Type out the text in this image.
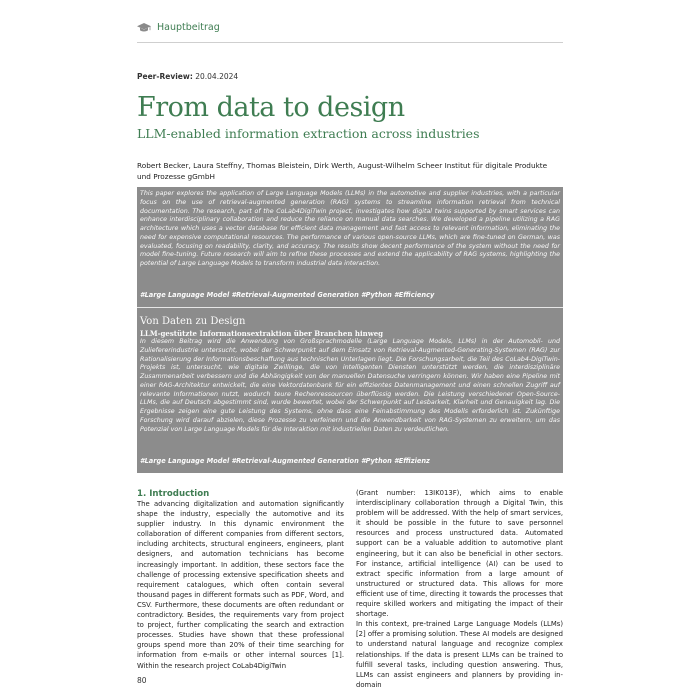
Hauptbeitrag
Peer-Review: 20.04.2024
From data to design
LLM-enabled information extraction across industries
Robert Becker, Laura Steffny, Thomas Bleistein, Dirk Werth, August-Wilhelm Scheer Institut für digitale Produkte und Prozesse gGmbH
This paper explores the application of Large Language Models (LLMs) in the automotive and supplier industries, with a particular focus on the use of retrieval-augmented generation (RAG) systems to streamline information retrieval from technical documentation. The research, part of the CoLab4DigiTwin project, investigates how digital twins supported by smart services can enhance interdisciplinary collaboration and reduce the reliance on manual data searches. We developed a pipeline utilizing a RAG architecture which uses a vector database for efficient data management and fast access to relevant information, eliminating the need for expensive computational resources. The performance of various open-source LLMs, which are fine-tuned on German, was evaluated, focusing on readability, clarity, and accuracy. The results show decent performance of the system without the need for model fine-tuning. Future research will aim to refine these processes and extend the applicability of RAG systems, highlighting the potential of Large Language Models to transform industrial data interaction.
#Large Language Model #Retrieval-Augmented Generation #Python #Efficiency
Von Daten zu Design
LLM-gestützte Informationsextraktion über Branchen hinweg
In diesem Beitrag wird die Anwendung von Großsprachmodelle (Large Language Models, LLMs) in der Automobil- und Zuliefererindustrie untersucht, wobei der Schwerpunkt auf dem Einsatz von Retrieval-Augmented-Generating-Systemen (RAG) zur Rationalisierung der Informationsbeschaffung aus technischen Unterlagen liegt. Die Forschungsarbeit, die Teil des CoLab4-DigiTwin-Projekts ist, untersucht, wie digitale Zwillinge, die von intelligenten Diensten unterstützt werden, die interdisziplinäre Zusammenarbeit verbessern und die Abhängigkeit von der manuellen Datensuche verringern können. Wir haben eine Pipeline mit einer RAG-Architektur entwickelt, die eine Vektordatenbank für ein effizientes Datenmanagement und einen schnellen Zugriff auf relevante Informationen nutzt, wodurch teure Rechenressourcen überflüssig werden. Die Leistung verschiedener Open-Source-LLMs, die auf Deutsch abgestimmt sind, wurde bewertet, wobei der Schwerpunkt auf Lesbarkeit, Klarheit und Genauigkeit lag. Die Ergebnisse zeigen eine gute Leistung des Systems, ohne dass eine Feinabstimmung des Modells erforderlich ist. Zukünftige Forschung wird darauf abzielen, diese Prozesse zu verfeinern und die Anwendbarkeit von RAG-Systemen zu erweitern, um das Potenzial von Large Language Models für die Interaktion mit industriellen Daten zu verdeutlichen.
#Large Language Model #Retrieval-Augmented Generation #Python #Effizienz
1. Introduction
The advancing digitalization and automation significantly shape the industry, especially the automotive and its supplier industry. In this dynamic environment the collaboration of different companies from different sectors, including architects, structural engineers, engineers, plant designers, and automation technicians has become increasingly important. In addition, these sectors face the challenge of processing extensive specification sheets and requirement catalogues, which often contain several thousand pages in different formats such as PDF, Word, and CSV. Furthermore, these documents are often redundant or contradictory. Besides, the requirements vary from project to project, further complicating the search and extraction processes. Studies have shown that these professional groups spend more than 20% of their time searching for information from e-mails or other internal sources [1]. Within the research project CoLab4DigiTwin
(Grant number: 13IK013F), which aims to enable interdisciplinary collaboration through a Digital Twin, this problem will be addressed. With the help of smart services, it should be possible in the future to save personnel resources and process unstructured data. Automated support can be a valuable addition to automotive plant engineering, but it can also be beneficial in other sectors. For instance, artificial intelligence (AI) can be used to extract specific information from a large amount of unstructured or structured data. This allows for more efficient use of time, directing it towards the processes that require skilled workers and mitigating the impact of their shortage.
In this context, pre-trained Large Language Models (LLMs) [2] offer a promising solution. These AI models are designed to understand natural language and recognize complex relationships. If the data is present LLMs can be trained to fulfill several tasks, including question answering. Thus, LLMs can assist engineers and planners by providing in-domain
80
